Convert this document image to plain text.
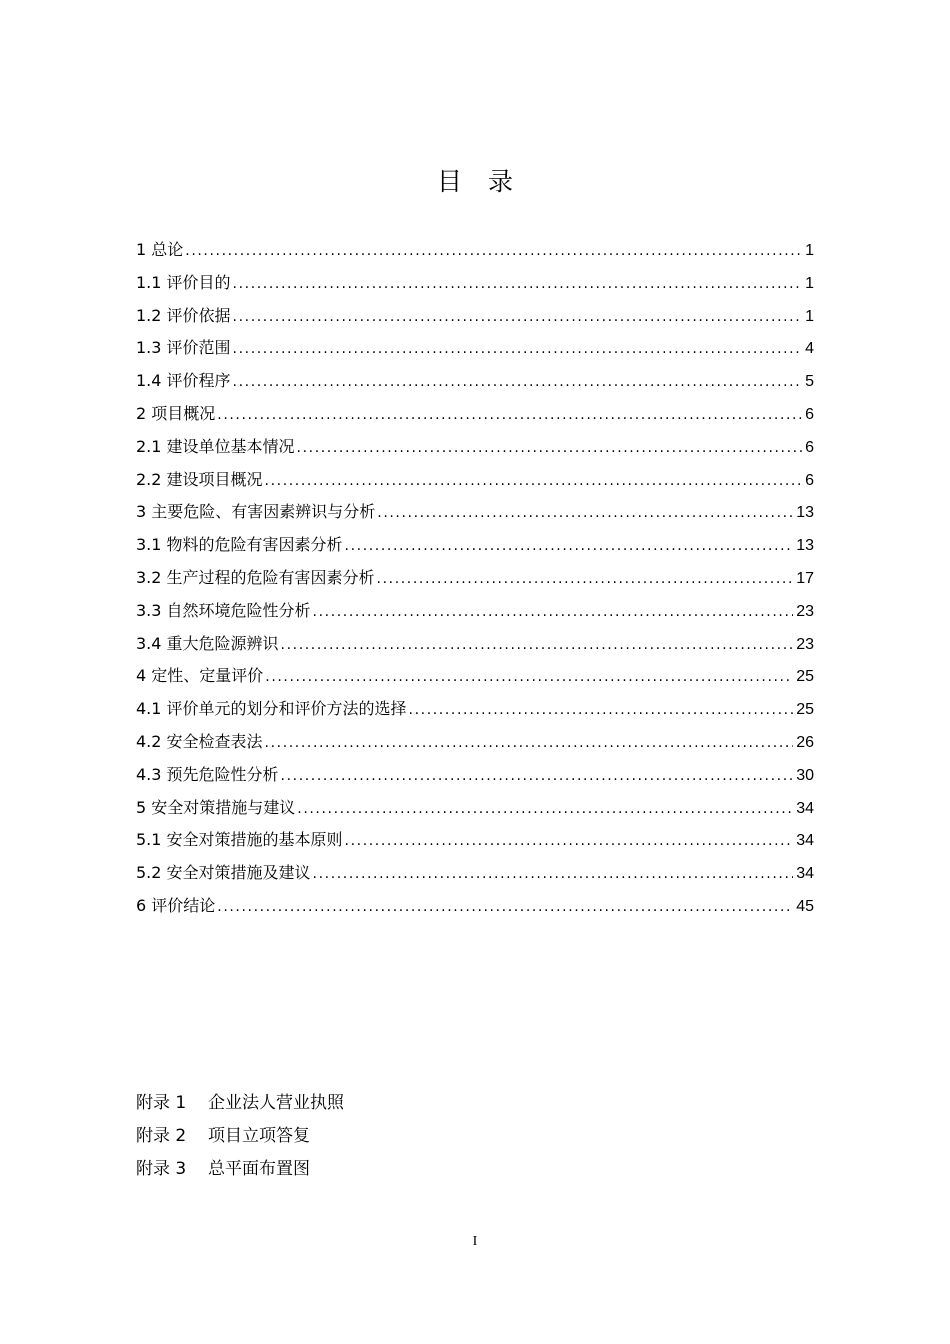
目录
1 总论 .....	1
1.1 评价目的 .....	1
1.2 评价依据 .....	1
1.3 评价范围 .....	4
1.4 评价程序 .....	5
2 项目概况 .....	6
2.1 建设单位基本情况 .....	6
2.2 建设项目概况 .....	6
3 主要危险、有害因素辨识与分析 .....	13
3.1 物料的危险有害因素分析 .....	13
3.2 生产过程的危险有害因素分析 .....	17
3.3 自然环境危险性分析 .....	23
3.4 重大危险源辨识 .....	23
4 定性、定量评价 .....	25
4.1 评价单元的划分和评价方法的选择 .....	25
4.2 安全检查表法 .....	26
4.3 预先危险性分析 .....	30
5 安全对策措施与建议 .....	34
5.1 安全对策措施的基本原则 .....	34
5.2 安全对策措施及建议 .....	34
6 评价结论 .....	45
附录 1 企业法人营业执照
附录 2 项目立项答复
附录 3 总平面布置图
I
